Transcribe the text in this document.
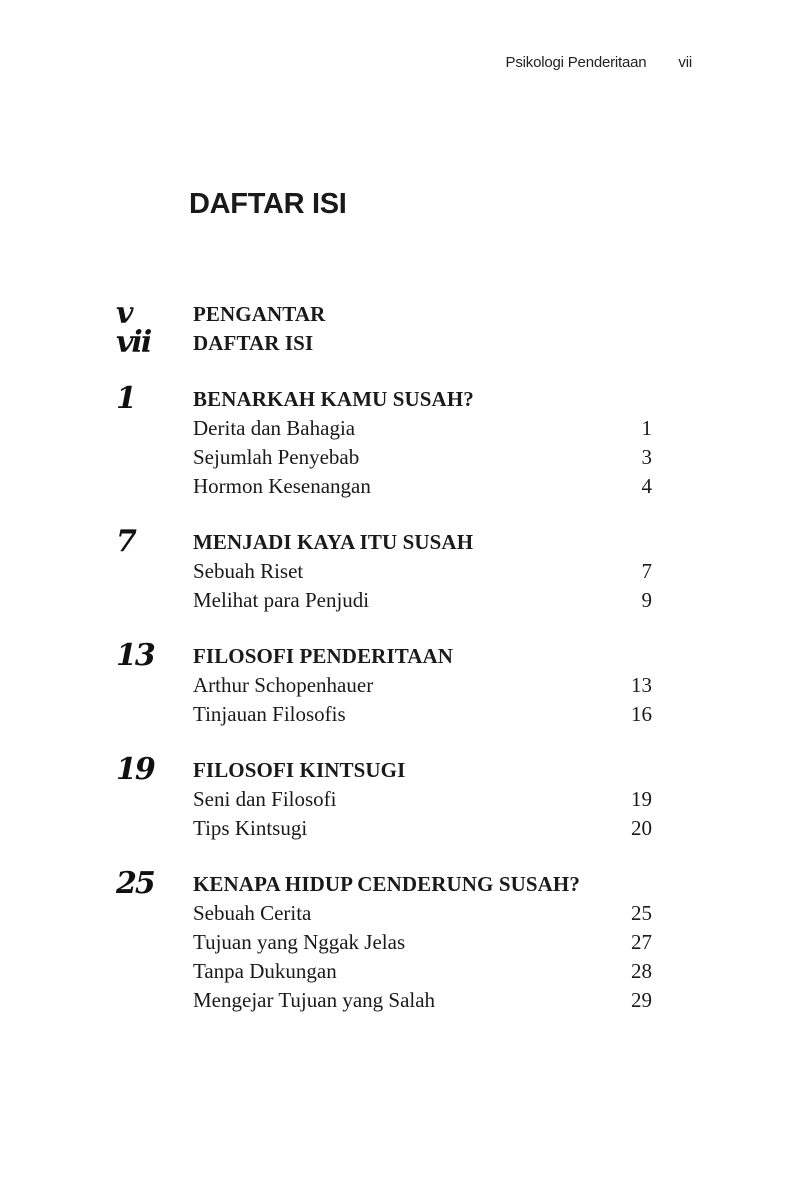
Psikologi Penderitaan vii
DAFTAR ISI
v	PENGANTAR
vii DAFTAR ISI
1	BENARKAH KAMU SUSAH?
Derita dan Bahagia	1
Sejumlah Penyebab	3
Hormon Kesenangan	4
7	MENJADI KAYA ITU SUSAH
Sebuah Riset	7
Melihat para Penjudi	9
13 FILOSOFI PENDERITAAN
Arthur Schopenhauer	13
Tinjauan Filosofis	16
19 FILOSOFI KINTSUGI
Seni dan Filosofi	19
Tips Kintsugi	20
25 KENAPA HIDUP CENDERUNG SUSAH?
Sebuah Cerita	25
Tujuan yang Nggak Jelas	27
Tanpa Dukungan	28
Mengejar Tujuan yang Salah	29
